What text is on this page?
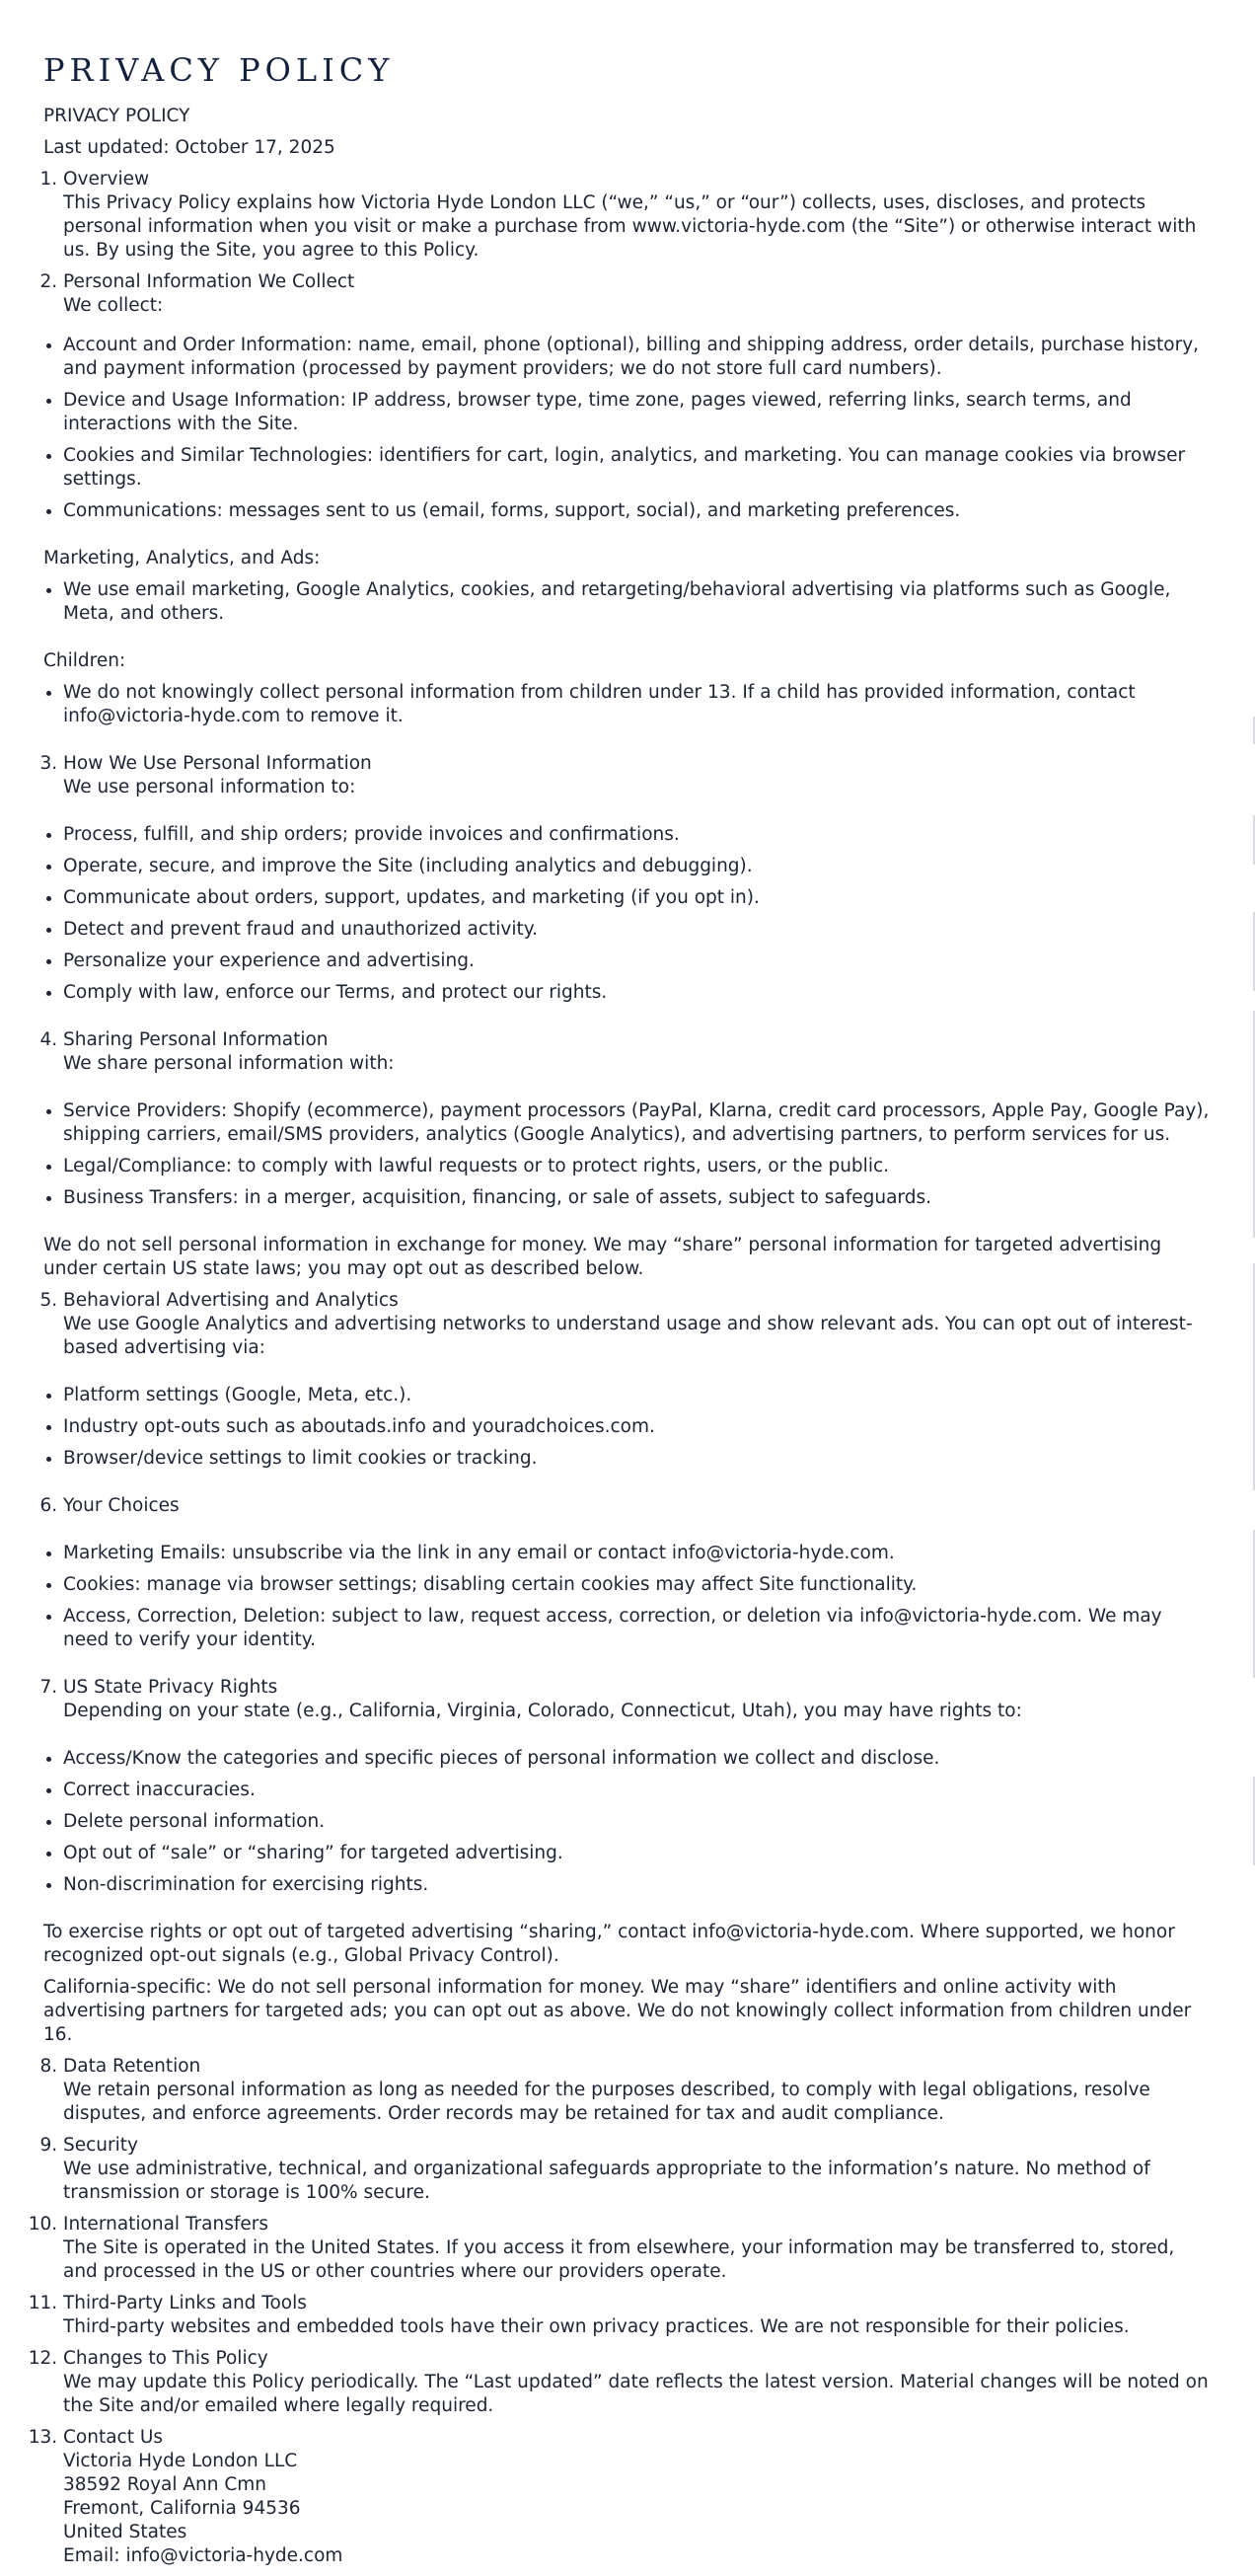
PRIVACY POLICY

PRIVACY POLICY

Last updated: October 17, 2025

1. Overview
This Privacy Policy explains how Victoria Hyde London LLC (“we,” “us,” or “our”) collects, uses, discloses, and protects personal information when you visit or make a purchase from www.victoria-hyde.com (the “Site”) or otherwise interact with us. By using the Site, you agree to this Policy.
2. Personal Information We Collect
We collect:
• Account and Order Information: name, email, phone (optional), billing and shipping address, order details, purchase history, and payment information (processed by payment providers; we do not store full card numbers).
• Device and Usage Information: IP address, browser type, time zone, pages viewed, referring links, search terms, and interactions with the Site.
• Cookies and Similar Technologies: identifiers for cart, login, analytics, and marketing. You can manage cookies via browser settings.
• Communications: messages sent to us (email, forms, support, social), and marketing preferences.

Marketing, Analytics, and Ads:

• We use email marketing, Google Analytics, cookies, and retargeting/behavioral advertising via platforms such as Google, Meta, and others.

Children:

• We do not knowingly collect personal information from children under 13. If a child has provided information, contact info@victoria-hyde.com to remove it.
3. How We Use Personal Information
We use personal information to:
• Process, fulfill, and ship orders; provide invoices and confirmations.
• Operate, secure, and improve the Site (including analytics and debugging).
• Communicate about orders, support, updates, and marketing (if you opt in).
• Detect and prevent fraud and unauthorized activity.
• Personalize your experience and advertising.
• Comply with law, enforce our Terms, and protect our rights.
4. Sharing Personal Information
We share personal information with:
• Service Providers: Shopify (ecommerce), payment processors (PayPal, Klarna, credit card processors, Apple Pay, Google Pay), shipping carriers, email/SMS providers, analytics (Google Analytics), and advertising partners, to perform services for us.
• Legal/Compliance: to comply with lawful requests or to protect rights, users, or the public.
• Business Transfers: in a merger, acquisition, financing, or sale of assets, subject to safeguards.

We do not sell personal information in exchange for money. We may “share” personal information for targeted advertising under certain US state laws; you may opt out as described below.

5. Behavioral Advertising and Analytics
We use Google Analytics and advertising networks to understand usage and show relevant ads. You can opt out of interest-based advertising via:
• Platform settings (Google, Meta, etc.).
• Industry opt-outs such as aboutads.info and youradchoices.com.
• Browser/device settings to limit cookies or tracking.
6. Your Choices
• Marketing Emails: unsubscribe via the link in any email or contact info@victoria-hyde.com.
• Cookies: manage via browser settings; disabling certain cookies may affect Site functionality.
• Access, Correction, Deletion: subject to law, request access, correction, or deletion via info@victoria-hyde.com. We may need to verify your identity.
7. US State Privacy Rights
Depending on your state (e.g., California, Virginia, Colorado, Connecticut, Utah), you may have rights to:
• Access/Know the categories and specific pieces of personal information we collect and disclose.
• Correct inaccuracies.
• Delete personal information.
• Opt out of “sale” or “sharing” for targeted advertising.
• Non-discrimination for exercising rights.

To exercise rights or opt out of targeted advertising “sharing,” contact info@victoria-hyde.com. Where supported, we honor recognized opt-out signals (e.g., Global Privacy Control).

California-specific: We do not sell personal information for money. We may “share” identifiers and online activity with advertising partners for targeted ads; you can opt out as above. We do not knowingly collect information from children under 16.

8. Data Retention
We retain personal information as long as needed for the purposes described, to comply with legal obligations, resolve disputes, and enforce agreements. Order records may be retained for tax and audit compliance.
9. Security
We use administrative, technical, and organizational safeguards appropriate to the information’s nature. No method of transmission or storage is 100% secure.
10. International Transfers
The Site is operated in the United States. If you access it from elsewhere, your information may be transferred to, stored, and processed in the US or other countries where our providers operate.
11. Third-Party Links and Tools
Third-party websites and embedded tools have their own privacy practices. We are not responsible for their policies.
12. Changes to This Policy
We may update this Policy periodically. The “Last updated” date reflects the latest version. Material changes will be noted on the Site and/or emailed where legally required.
13. Contact Us
Victoria Hyde London LLC
38592 Royal Ann Cmn
Fremont, California 94536
United States
Email: info@victoria-hyde.com
